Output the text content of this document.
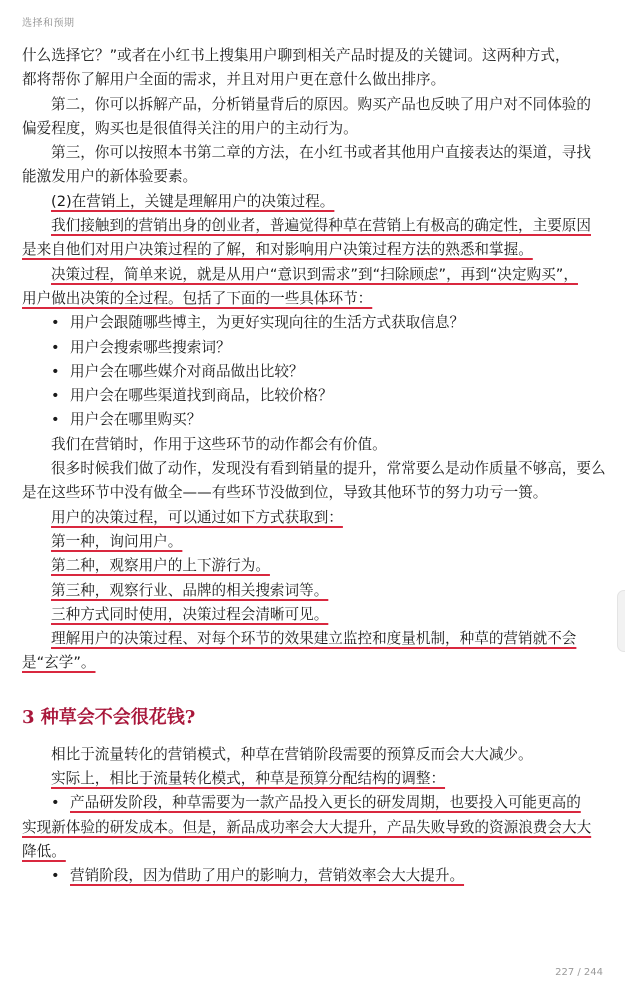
选择和预期
什么选择它？”或者在小红书上搜集用户聊到相关产品时提及的关键词。这两种方式，
都将帮你了解用户全面的需求，并且对用户更在意什么做出排序。
第二，你可以拆解产品，分析销量背后的原因。购买产品也反映了用户对不同体验的
偏爱程度，购买也是很值得关注的用户的主动行为。
第三，你可以按照本书第二章的方法，在小红书或者其他用户直接表达的渠道，寻找
能激发用户的新体验要素。
(2)在营销上，关键是理解用户的决策过程。
我们接触到的营销出身的创业者，普遍觉得种草在营销上有极高的确定性，主要原因
是来自他们对用户决策过程的了解，和对影响用户决策过程方法的熟悉和掌握。
决策过程，简单来说，就是从用户“意识到需求”到“扫除顾虑”，再到“决定购买”，
用户做出决策的全过程。包括了下面的一些具体环节：
• 用户会跟随哪些博主，为更好实现向往的生活方式获取信息？
• 用户会搜索哪些搜索词？
• 用户会在哪些媒介对商品做出比较？
• 用户会在哪些渠道找到商品，比较价格？
• 用户会在哪里购买？
我们在营销时，作用于这些环节的动作都会有价值。
很多时候我们做了动作，发现没有看到销量的提升，常常要么是动作质量不够高，要么
是在这些环节中没有做全——有些环节没做到位，导致其他环节的努力功亏一篑。
用户的决策过程，可以通过如下方式获取到：
第一种，询问用户。
第二种，观察用户的上下游行为。
第三种，观察行业、品牌的相关搜索词等。
三种方式同时使用，决策过程会清晰可见。
理解用户的决策过程、对每个环节的效果建立监控和度量机制，种草的营销就不会
是“玄学”。
3 种草会不会很花钱?
相比于流量转化的营销模式，种草在营销阶段需要的预算反而会大大减少。
实际上，相比于流量转化模式，种草是预算分配结构的调整：
• 产品研发阶段，种草需要为一款产品投入更长的研发周期，也要投入可能更高的
实现新体验的研发成本。但是，新品成功率会大大提升，产品失败导致的资源浪费会大大
降低。
• 营销阶段，因为借助了用户的影响力，营销效率会大大提升。
227 / 244
